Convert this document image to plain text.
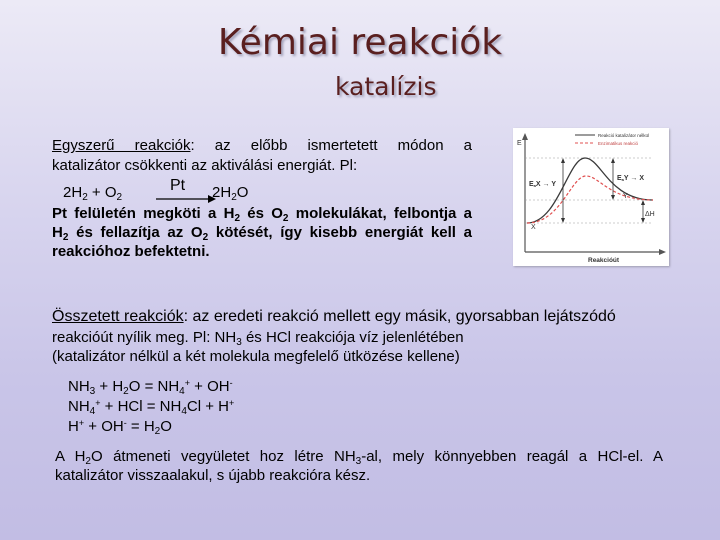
Kémiai reakciók
katalízis
Egyszerű reakciók: az előbb ismertetett módon a
katalizátor csökkenti az aktiválási energiát. Pl:
$2H_2 + O_2$
Pt $2H_2O$
Pt felületén megköti a $H_2$ és $O_2$ molekulákat, felbontja a
$H_2$ és fellazítja az $O_2$ kötését, így kisebb energiát kell a
reakcióhoz befektetni.
E
Reakcióút
Reakció katalizátor nélkül
Enzimatikus reakció
EaX → Y
EaY → X
Y
X
ΔH
Összetett reakciók: az eredeti reakció mellett egy másik, gyorsabban lejátszódó
reakcióút nyílik meg. Pl: $NH_3$ és HCl reakciója víz jelenlétében
(katalizátor nélkül a két molekula megfelelő ütközése kellene)
$NH_3 + H_2O = NH_4^+ + OH^-$
$NH_4^+$ + HCl = $NH_4Cl + H^+$
$H^+ + OH^- = H_2O$
A $H_2O$ átmeneti vegyületet hoz létre $NH_3-al$, mely könnyebben reagál a HCl-el. A
katalizátor visszaalakul, s újabb reakcióra kész.
